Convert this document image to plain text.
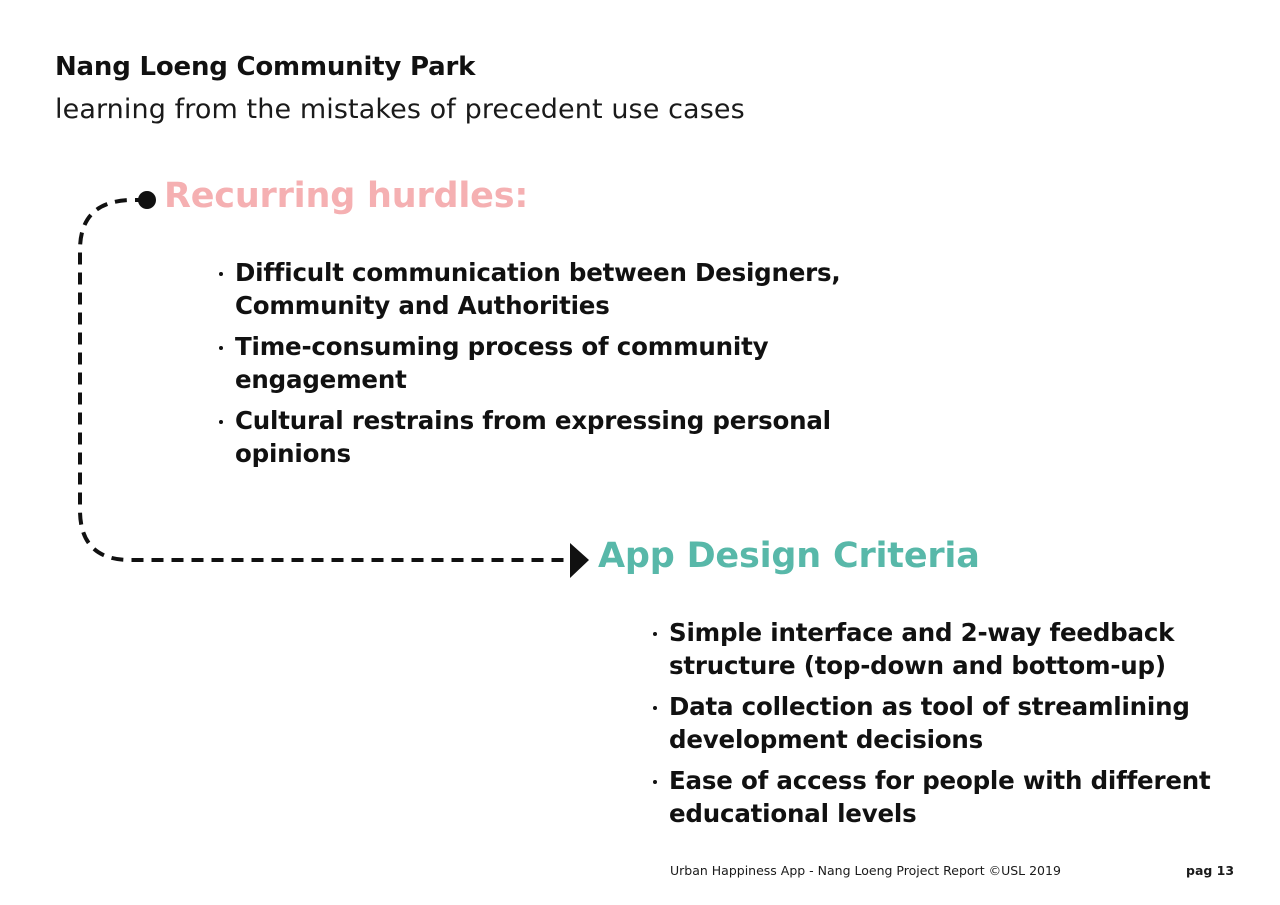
Nang Loeng Community Park
learning from the mistakes of precedent use cases
Recurring hurdles:
Difficult communication between Designers, Community and Authorities
Time-consuming process of community engagement
Cultural restrains from expressing personal opinions
App Design Criteria
Simple interface and 2-way feedback structure (top-down and bottom-up)
Data collection as tool of streamlining development decisions
Ease of access for people with different educational levels
Urban Happiness App - Nang Loeng Project Report ©USL 2019	pag 13
